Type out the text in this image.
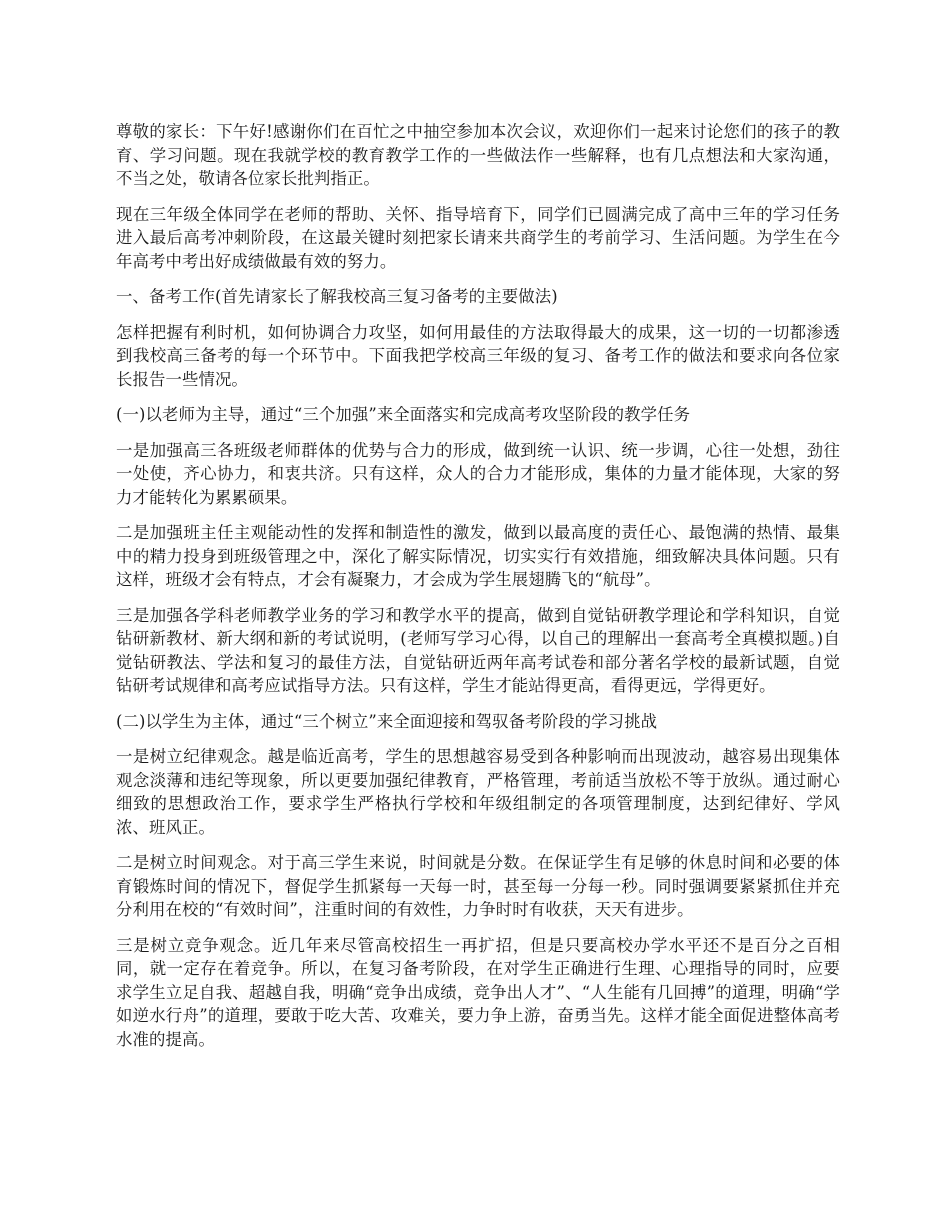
尊敬的家长：下午好!感谢你们在百忙之中抽空参加本次会议，欢迎你们一起来讨论您们的孩子的教育、学习问题。现在我就学校的教育教学工作的一些做法作一些解释，也有几点想法和大家沟通，不当之处，敬请各位家长批判指正。

现在三年级全体同学在老师的帮助、关怀、指导培育下，同学们已圆满完成了高中三年的学习任务进入最后高考冲刺阶段，在这最关键时刻把家长请来共商学生的考前学习、生活问题。为学生在今年高考中考出好成绩做最有效的努力。

一、备考工作(首先请家长了解我校高三复习备考的主要做法)

怎样把握有利时机，如何协调合力攻坚，如何用最佳的方法取得最大的成果，这一切的一切都渗透到我校高三备考的每一个环节中。下面我把学校高三年级的复习、备考工作的做法和要求向各位家长报告一些情况。

(一)以老师为主导，通过“三个加强”来全面落实和完成高考攻坚阶段的教学任务

一是加强高三各班级老师群体的优势与合力的形成，做到统一认识、统一步调，心往一处想，劲往一处使，齐心协力，和衷共济。只有这样，众人的合力才能形成，集体的力量才能体现，大家的努力才能转化为累累硕果。

二是加强班主任主观能动性的发挥和制造性的激发，做到以最高度的责任心、最饱满的热情、最集中的精力投身到班级管理之中，深化了解实际情况，切实实行有效措施，细致解决具体问题。只有这样，班级才会有特点，才会有凝聚力，才会成为学生展翅腾飞的“航母”。

三是加强各学科老师教学业务的学习和教学水平的提高，做到自觉钻研教学理论和学科知识，自觉钻研新教材、新大纲和新的考试说明，(老师写学习心得，以自己的理解出一套高考全真模拟题。)自觉钻研教法、学法和复习的最佳方法，自觉钻研近两年高考试卷和部分著名学校的最新试题，自觉钻研考试规律和高考应试指导方法。只有这样，学生才能站得更高，看得更远，学得更好。

(二)以学生为主体，通过“三个树立”来全面迎接和驾驭备考阶段的学习挑战

一是树立纪律观念。越是临近高考，学生的思想越容易受到各种影响而出现波动，越容易出现集体观念淡薄和违纪等现象，所以更要加强纪律教育，严格管理，考前适当放松不等于放纵。通过耐心细致的思想政治工作，要求学生严格执行学校和年级组制定的各项管理制度，达到纪律好、学风浓、班风正。

二是树立时间观念。对于高三学生来说，时间就是分数。在保证学生有足够的休息时间和必要的体育锻炼时间的情况下，督促学生抓紧每一天每一时，甚至每一分每一秒。同时强调要紧紧抓住并充分利用在校的“有效时间”，注重时间的有效性，力争时时有收获，天天有进步。

三是树立竞争观念。近几年来尽管高校招生一再扩招，但是只要高校办学水平还不是百分之百相同，就一定存在着竞争。所以，在复习备考阶段，在对学生正确进行生理、心理指导的同时，应要求学生立足自我、超越自我，明确“竞争出成绩，竞争出人才”、“人生能有几回搏”的道理，明确“学如逆水行舟”的道理，要敢于吃大苦、攻难关，要力争上游，奋勇当先。这样才能全面促进整体高考水准的提高。
